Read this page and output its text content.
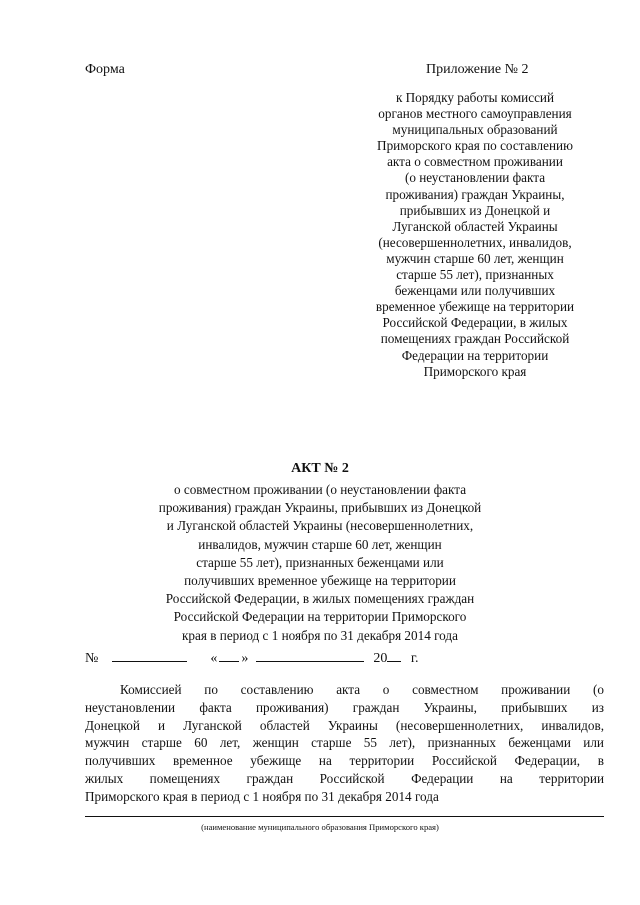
Форма	Приложение № 2
к Порядку работы комиссий
органов местного самоуправления
муниципальных образований
Приморского края по составлению
акта о совместном проживании
(о неустановлении факта
проживания) граждан Украины,
прибывших из Донецкой и
Луганской областей Украины
(несовершеннолетних, инвалидов,
мужчин старше 60 лет, женщин
старше 55 лет), признанных
беженцами или получивших
временное убежище на территории
Российской Федерации, в жилых
помещениях граждан Российской
Федерации на территории
Приморского края
АКТ № 2
о совместном проживании (о неустановлении факта
проживания) граждан Украины, прибывших из Донецкой
и Луганской областей Украины (несовершеннолетних,
инвалидов, мужчин старше 60 лет, женщин
старше 55 лет), признанных беженцами или
получивших временное убежище на территории
Российской Федерации, в жилых помещениях граждан
Российской Федерации на территории Приморского
края в период с 1 ноября по 31 декабря 2014 года
№	« »	20 г.
Комиссией по составлению акта о совместном проживании (о
неустановлении факта проживания) граждан Украины, прибывших из
Донецкой и Луганской областей Украины (несовершеннолетних, инвалидов,
мужчин старше 60 лет, женщин старше 55 лет), признанных беженцами или
получивших временное убежище на территории Российской Федерации, в
жилых помещениях граждан Российской Федерации на территории
Приморского края в период с 1 ноября по 31 декабря 2014 года
(наименование муниципального образования Приморского края)
